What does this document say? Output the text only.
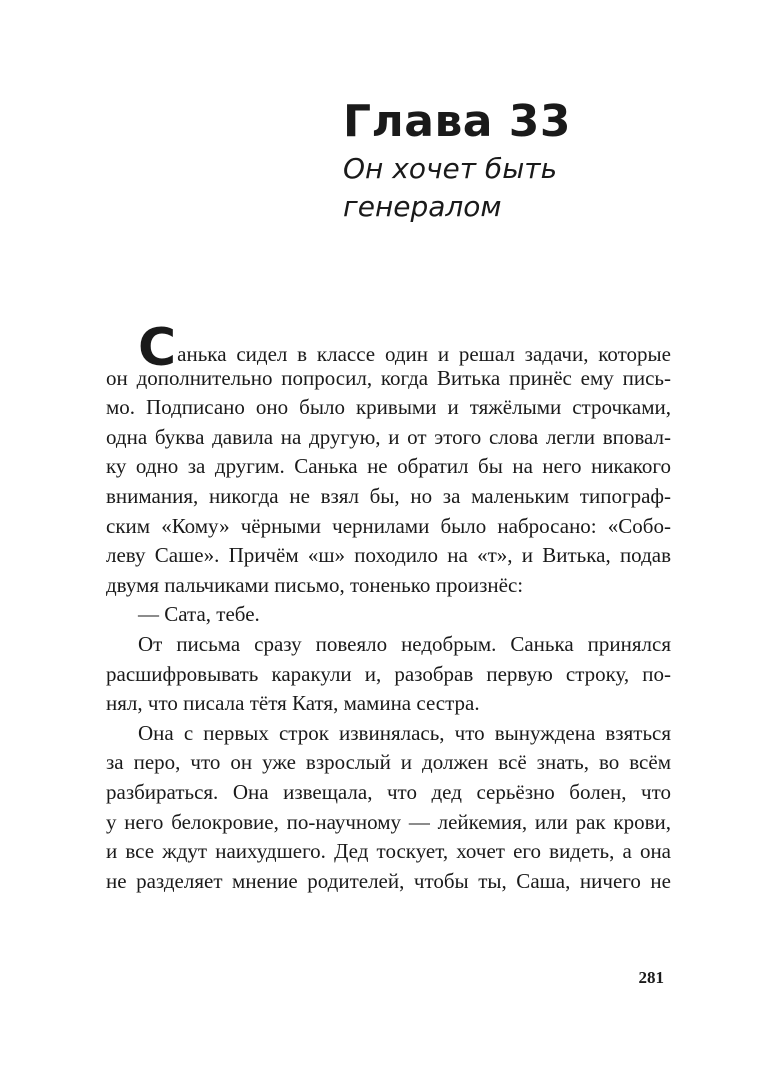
Глава 33
Он хочет быть
генералом
Санька сидел в классе один и решал задачи, которые
он дополнительно попросил, когда Витька принёс ему пись-
мо. Подписано оно было кривыми и тяжёлыми строчками,
одна буква давила на другую, и от этого слова легли вповал-
ку одно за другим. Санька не обратил бы на него никакого
внимания, никогда не взял бы, но за маленьким типограф-
ским «Кому» чёрными чернилами было набросано: «Собо-
леву Саше». Причём «ш» походило на «т», и Витька, подав
двумя пальчиками письмо, тоненько произнёс:
— Сата, тебе.
От письма сразу повеяло недобрым. Санька принялся
расшифровывать каракули и, разобрав первую строку, по-
нял, что писала тётя Катя, мамина сестра.
Она с первых строк извинялась, что вынуждена взяться
за перо, что он уже взрослый и должен всё знать, во всём
разбираться. Она извещала, что дед серьёзно болен, что
у него белокровие, по-научному — лейкемия, или рак крови,
и все ждут наихудшего. Дед тоскует, хочет его видеть, а она
не разделяет мнение родителей, чтобы ты, Саша, ничего не
281
